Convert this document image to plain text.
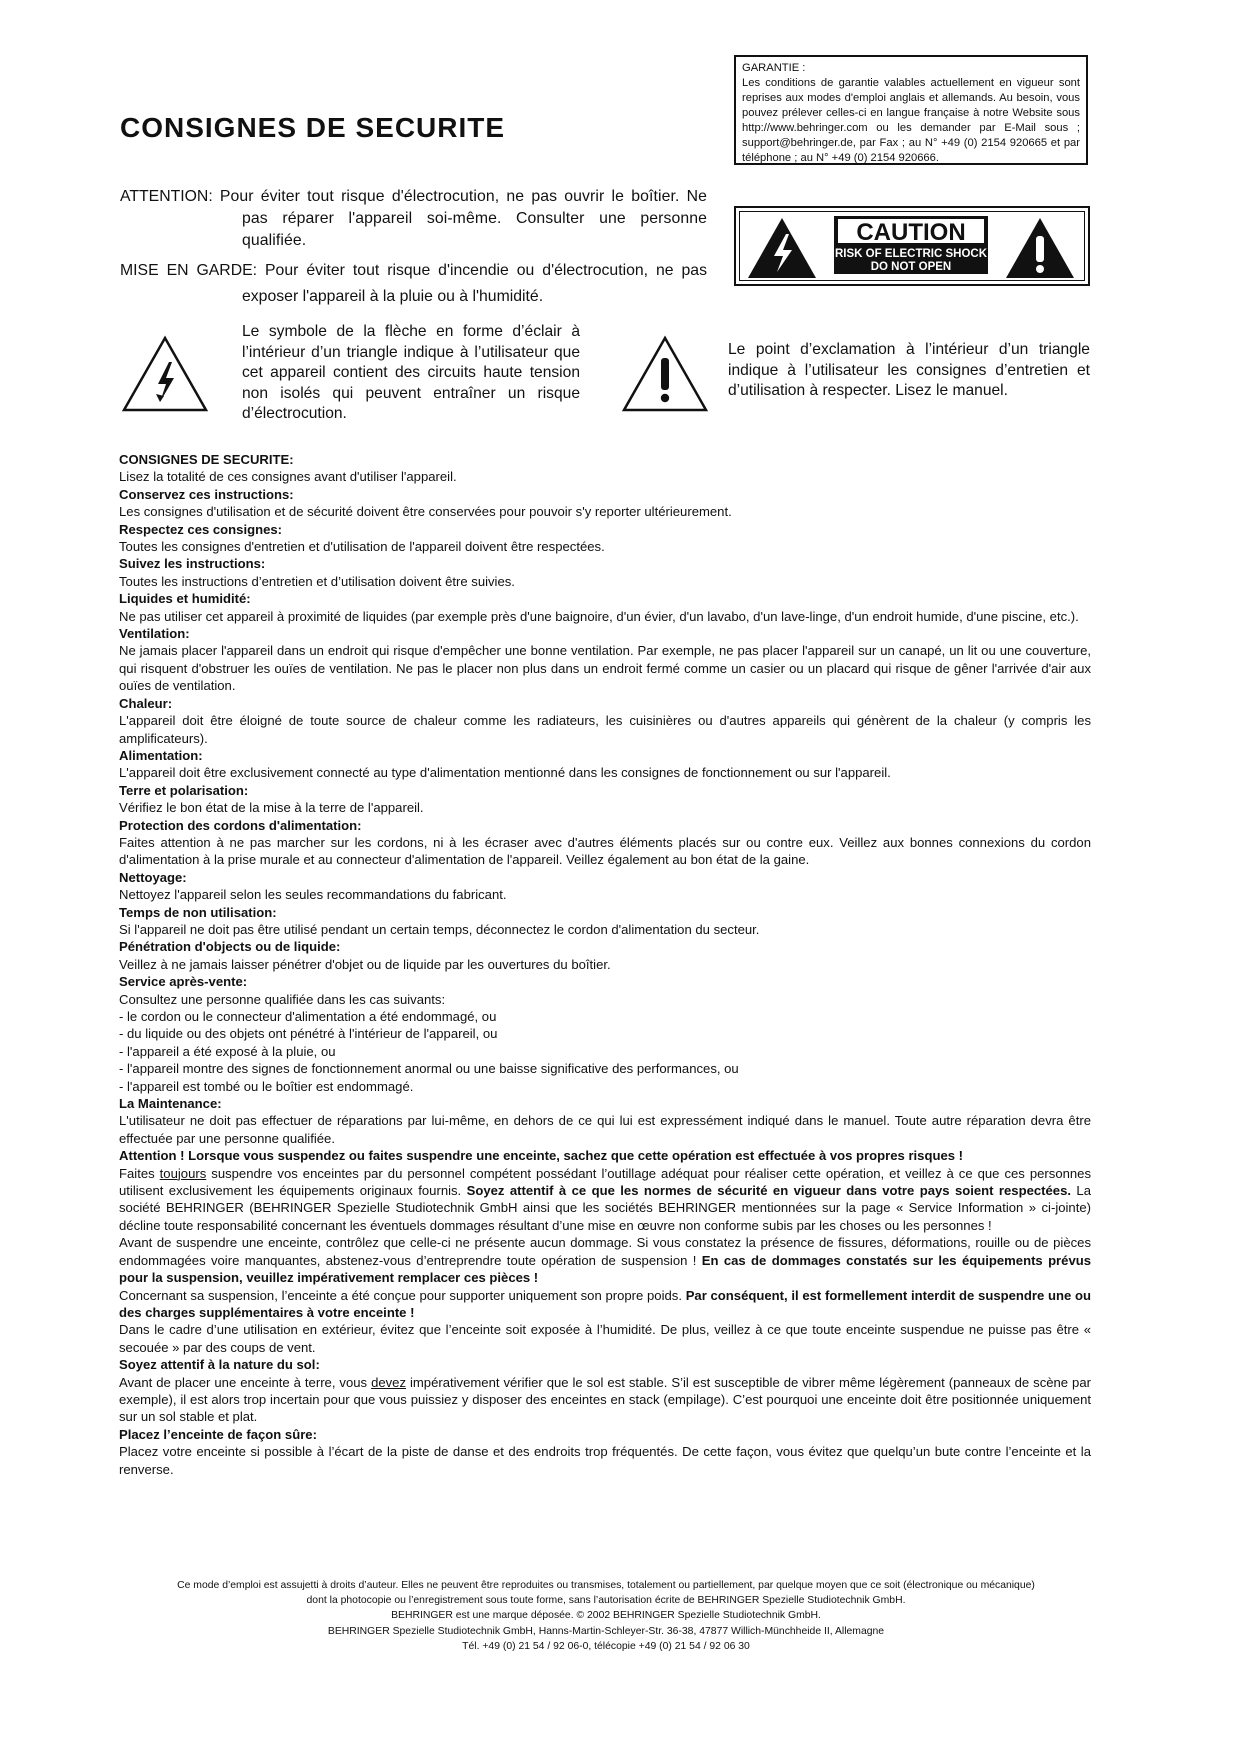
CONSIGNES DE SECURITE
GARANTIE :
Les conditions de garantie valables actuellement en vigueur sont reprises aux modes d'emploi anglais et allemands. Au besoin, vous pouvez prélever celles-ci en langue française à notre Website sous http://www.behringer.com ou les demander par E-Mail sous ; support@behringer.de, par Fax ; au N° +49 (0) 2154 920665 et par téléphone ; au N° +49 (0) 2154 920666.
CAUTION
RISK OF ELECTRIC SHOCK
DO NOT OPEN
ATTENTION: Pour éviter tout risque d'électrocution, ne pas ouvrir le boîtier. Ne pas réparer l'appareil soi-même. Consulter une personne qualifiée.
MISE EN GARDE: Pour éviter tout risque d'incendie ou d'électrocution, ne pas exposer l'appareil à la pluie ou à l'humidité.
Le symbole de la flèche en forme d’éclair à l’intérieur d’un triangle indique à l’utilisateur que cet appareil contient des circuits haute tension non isolés qui peuvent entraîner un risque d’électrocution.
Le point d’exclamation à l’intérieur d’un triangle indique à l’utilisateur les consignes d’entretien et d’utilisation à respecter. Lisez le manuel.

CONSIGNES DE SECURITE:

Lisez la totalité de ces consignes avant d'utiliser l'appareil.

Conservez ces instructions:

Les consignes d'utilisation et de sécurité doivent être conservées pour pouvoir s'y reporter ultérieurement.

Respectez ces consignes:

Toutes les consignes d'entretien et d'utilisation de l'appareil doivent être respectées.

Suivez les instructions:

Toutes les instructions d’entretien et d’utilisation doivent être suivies.

Liquides et humidité:

Ne pas utiliser cet appareil à proximité de liquides (par exemple près d'une baignoire, d'un évier, d'un lavabo, d'un lave-linge, d'un endroit humide, d'une piscine, etc.).

Ventilation:

Ne jamais placer l'appareil dans un endroit qui risque d'empêcher une bonne ventilation. Par exemple, ne pas placer l'appareil sur un canapé, un lit ou une couverture, qui risquent d'obstruer les ouïes de ventilation. Ne pas le placer non plus dans un endroit fermé comme un casier ou un placard qui risque de gêner l'arrivée d'air aux ouïes de ventilation.

Chaleur:

L'appareil doit être éloigné de toute source de chaleur comme les radiateurs, les cuisinières ou d'autres appareils qui génèrent de la chaleur (y compris les amplificateurs).

Alimentation:

L'appareil doit être exclusivement connecté au type d'alimentation mentionné dans les consignes de fonctionnement ou sur l'appareil.

Terre et polarisation:

Vérifiez le bon état de la mise à la terre de l'appareil.

Protection des cordons d'alimentation:

Faites attention à ne pas marcher sur les cordons, ni à les écraser avec d'autres éléments placés sur ou contre eux. Veillez aux bonnes connexions du cordon d'alimentation à la prise murale et au connecteur d'alimentation de l'appareil. Veillez également au bon état de la gaine.

Nettoyage:

Nettoyez l'appareil selon les seules recommandations du fabricant.

Temps de non utilisation:

Si l'appareil ne doit pas être utilisé pendant un certain temps, déconnectez le cordon d'alimentation du secteur.

Pénétration d'objects ou de liquide:

Veillez à ne jamais laisser pénétrer d'objet ou de liquide par les ouvertures du boîtier.

Service après-vente:

Consultez une personne qualifiée dans les cas suivants:

- le cordon ou le connecteur d'alimentation a été endommagé, ou

- du liquide ou des objets ont pénétré à l'intérieur de l'appareil, ou

- l'appareil a été exposé à la pluie, ou

- l'appareil montre des signes de fonctionnement anormal ou une baisse significative des performances, ou

- l'appareil est tombé ou le boîtier est endommagé.

La Maintenance:

L'utilisateur ne doit pas effectuer de réparations par lui-même, en dehors de ce qui lui est expressément indiqué dans le manuel. Toute autre réparation devra être effectuée par une personne qualifiée.

Attention ! Lorsque vous suspendez ou faites suspendre une enceinte, sachez que cette opération est effectuée à vos propres risques !

Faites toujours suspendre vos enceintes par du personnel compétent possédant l’outillage adéquat pour réaliser cette opération, et veillez à ce que ces personnes utilisent exclusivement les équipements originaux fournis. Soyez attentif à ce que les normes de sécurité en vigueur dans votre pays soient respectées. La société BEHRINGER (BEHRINGER Spezielle Studiotechnik GmbH ainsi que les sociétés BEHRINGER mentionnées sur la page « Service Information » ci-jointe) décline toute responsabilité concernant les éventuels dommages résultant d’une mise en œuvre non conforme subis par les choses ou les personnes !

Avant de suspendre une enceinte, contrôlez que celle-ci ne présente aucun dommage. Si vous constatez la présence de fissures, déformations, rouille ou de pièces endommagées voire manquantes, abstenez-vous d’entreprendre toute opération de suspension ! En cas de dommages constatés sur les équipements prévus pour la suspension, veuillez impérativement remplacer ces pièces !

Concernant sa suspension, l’enceinte a été conçue pour supporter uniquement son propre poids. Par conséquent, il est formellement interdit de suspendre une ou des charges supplémentaires à votre enceinte !

Dans le cadre d’une utilisation en extérieur, évitez que l’enceinte soit exposée à l’humidité. De plus, veillez à ce que toute enceinte suspendue ne puisse pas être « secouée » par des coups de vent.

Soyez attentif à la nature du sol:

Avant de placer une enceinte à terre, vous devez impérativement vérifier que le sol est stable. S’il est susceptible de vibrer même légèrement (panneaux de scène par exemple), il est alors trop incertain pour que vous puissiez y disposer des enceintes en stack (empilage). C’est pourquoi une enceinte doit être positionnée uniquement sur un sol stable et plat.

Placez l’enceinte de façon sûre:

Placez votre enceinte si possible à l’écart de la piste de danse et des endroits trop fréquentés. De cette façon, vous évitez que quelqu’un bute contre l’enceinte et la renverse.

Ce mode d’emploi est assujetti à droits d’auteur. Elles ne peuvent être reproduites ou transmises, totalement ou partiellement, par quelque moyen que ce soit (électronique ou mécanique)

dont la photocopie ou l’enregistrement sous toute forme, sans l’autorisation écrite de BEHRINGER Spezielle Studiotechnik GmbH.

BEHRINGER est une marque déposée. © 2002 BEHRINGER Spezielle Studiotechnik GmbH.

BEHRINGER Spezielle Studiotechnik GmbH, Hanns-Martin-Schleyer-Str. 36-38, 47877 Willich-Münchheide II, Allemagne

Tél. +49 (0) 21 54 / 92 06-0, télécopie +49 (0) 21 54 / 92 06 30
